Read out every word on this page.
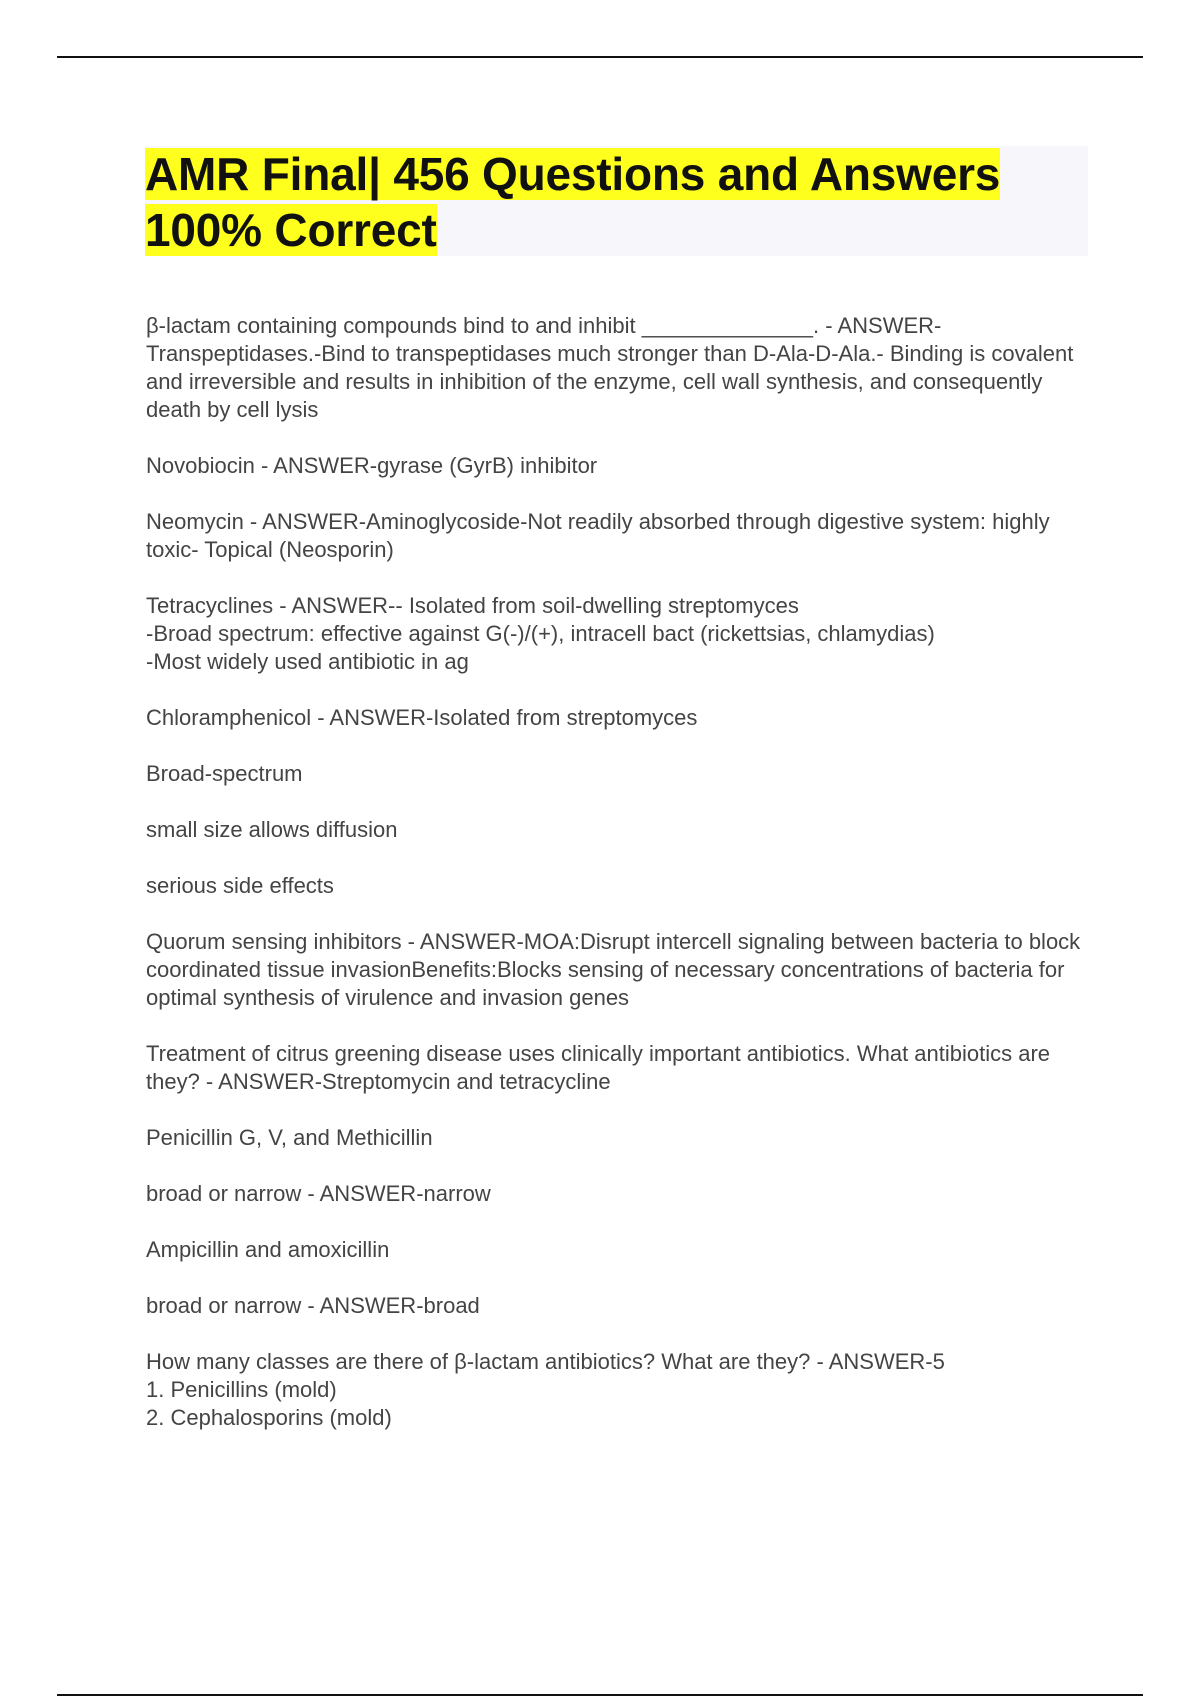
AMR Final| 456 Questions and Answers
100% Correct

β-lactam containing compounds bind to and inhibit ______________. - ANSWER-Transpeptidases.-Bind to transpeptidases much stronger than D-Ala-D-Ala.- Binding is covalent and irreversible and results in inhibition of the enzyme, cell wall synthesis, and consequently death by cell lysis

Novobiocin - ANSWER-gyrase (GyrB) inhibitor

Neomycin - ANSWER-Aminoglycoside-Not readily absorbed through digestive system: highly toxic- Topical (Neosporin)

Tetracyclines - ANSWER-- Isolated from soil-dwelling streptomyces
-Broad spectrum: effective against G(-)/(+), intracell bact (rickettsias, chlamydias)
-Most widely used antibiotic in ag

Chloramphenicol - ANSWER-Isolated from streptomyces

Broad-spectrum

small size allows diffusion

serious side effects

Quorum sensing inhibitors - ANSWER-MOA:Disrupt intercell signaling between bacteria to block coordinated tissue invasionBenefits:Blocks sensing of necessary concentrations of bacteria for optimal synthesis of virulence and invasion genes

Treatment of citrus greening disease uses clinically important antibiotics. What antibiotics are they? - ANSWER-Streptomycin and tetracycline

Penicillin G, V, and Methicillin

broad or narrow - ANSWER-narrow

Ampicillin and amoxicillin

broad or narrow - ANSWER-broad

How many classes are there of β-lactam antibiotics? What are they? - ANSWER-5
1. Penicillins (mold)
2. Cephalosporins (mold)
